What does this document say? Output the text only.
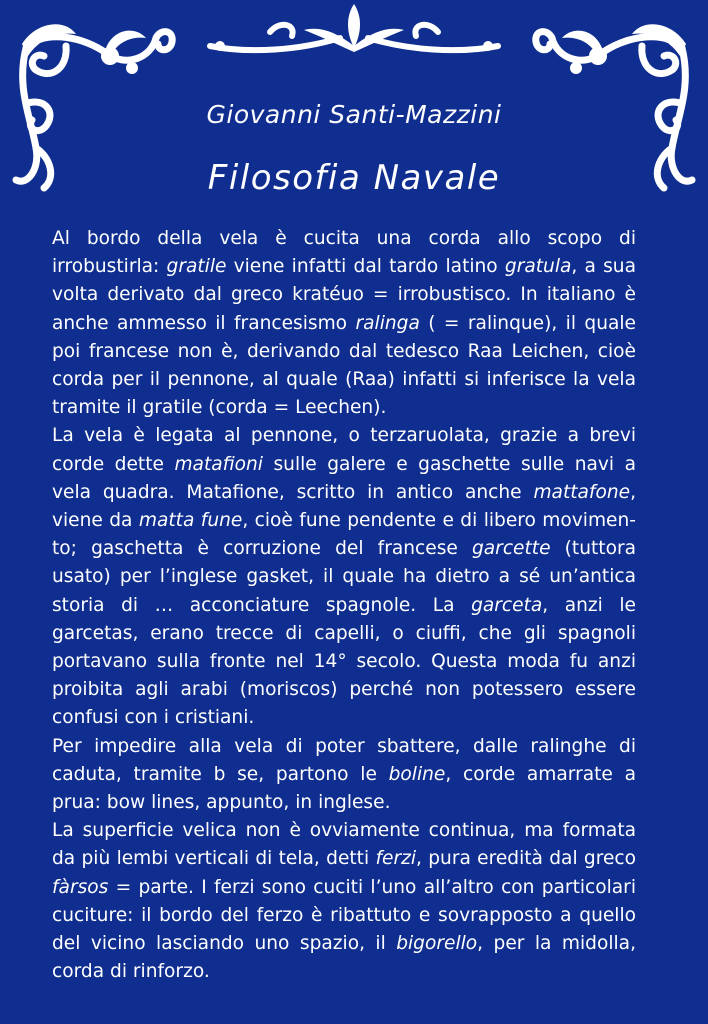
Giovanni Santi-Mazzini
Filosofia Navale

Al bordo della vela è cucita una corda allo scopo di irrobustirla: gratile viene infatti dal tardo latino gratula, a sua volta derivato dal greco kratéuo = irrobustisco. In italiano è anche ammesso il francesismo ralinga ( = ralinque), il quale poi francese non è, derivando dal tedesco Raa Leichen, cioè corda per il pennone, al quale (Raa) infatti si inferisce la vela tramite il gratile (corda = Leechen).

La vela è legata al pennone, o terzaruolata, grazie a brevi corde dette matafioni sulle galere e gaschette sulle navi a vela quadra. Matafione, scritto in antico anche mattafone, viene da matta fune, cioè fune pendente e di libero movimen-to; gaschetta è corruzione del francese garcette (tuttora usato) per l’inglese gasket, il quale ha dietro a sé un’antica storia di … acconciature spagnole. La garceta, anzi le garcetas, erano trecce di capelli, o ciuffi, che gli spagnoli portavano sulla fronte nel 14° secolo. Questa moda fu anzi proibita agli arabi (moriscos) perché non potessero essere confusi con i cristiani.

Per impedire alla vela di poter sbattere, dalle ralinghe di caduta, tramite b se, partono le boline, corde amarrate a prua: bow lines, appunto, in inglese.

La superficie velica non è ovviamente continua, ma formata da più lembi verticali di tela, detti ferzi, pura eredità dal greco fàrsos = parte. I ferzi sono cuciti l’uno all’altro con particolari cuciture: il bordo del ferzo è ribattuto e sovrapposto a quello del vicino lasciando uno spazio, il bigorello, per la midolla, corda di rinforzo.
